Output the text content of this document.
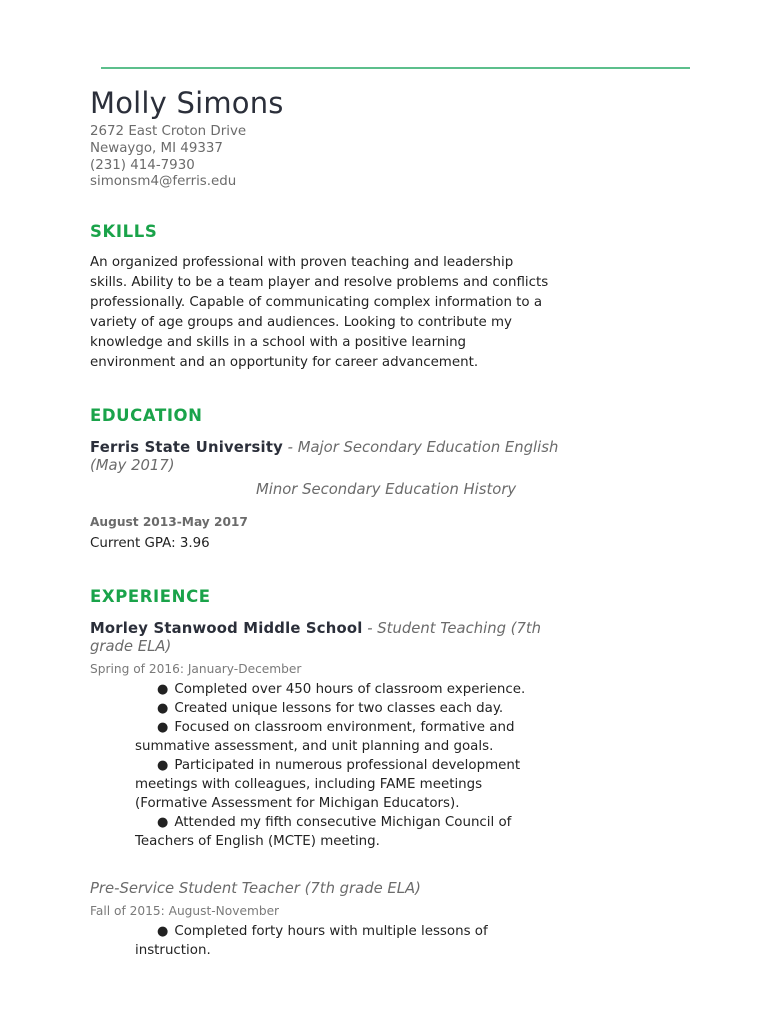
Molly Simons
2672 East Croton Drive
Newaygo, MI 49337
(231) 414-7930
simonsm4@ferris.edu
SKILLS
An organized professional with proven teaching and leadership
skills. Ability to be a team player and resolve problems and conflicts
professionally. Capable of communicating complex information to a
variety of age groups and audiences. Looking to contribute my
knowledge and skills in a school with a positive learning
environment and an opportunity for career advancement.
EDUCATION
Ferris State University - Major Secondary Education English (May 2017)
Minor Secondary Education History
August 2013-May 2017
Current GPA: 3.96
EXPERIENCE
Morley Stanwood Middle School - Student Teaching (7th grade ELA)
Spring of 2016: January-December
● Completed over 450 hours of classroom experience.
● Created unique lessons for two classes each day.
● Focused on classroom environment, formative and
summative assessment, and unit planning and goals.
● Participated in numerous professional development
meetings with colleagues, including FAME meetings
(Formative Assessment for Michigan Educators).
● Attended my fifth consecutive Michigan Council of
Teachers of English (MCTE) meeting.
Pre-Service Student Teacher (7th grade ELA)
Fall of 2015: August-November
● Completed forty hours with multiple lessons of
instruction.
